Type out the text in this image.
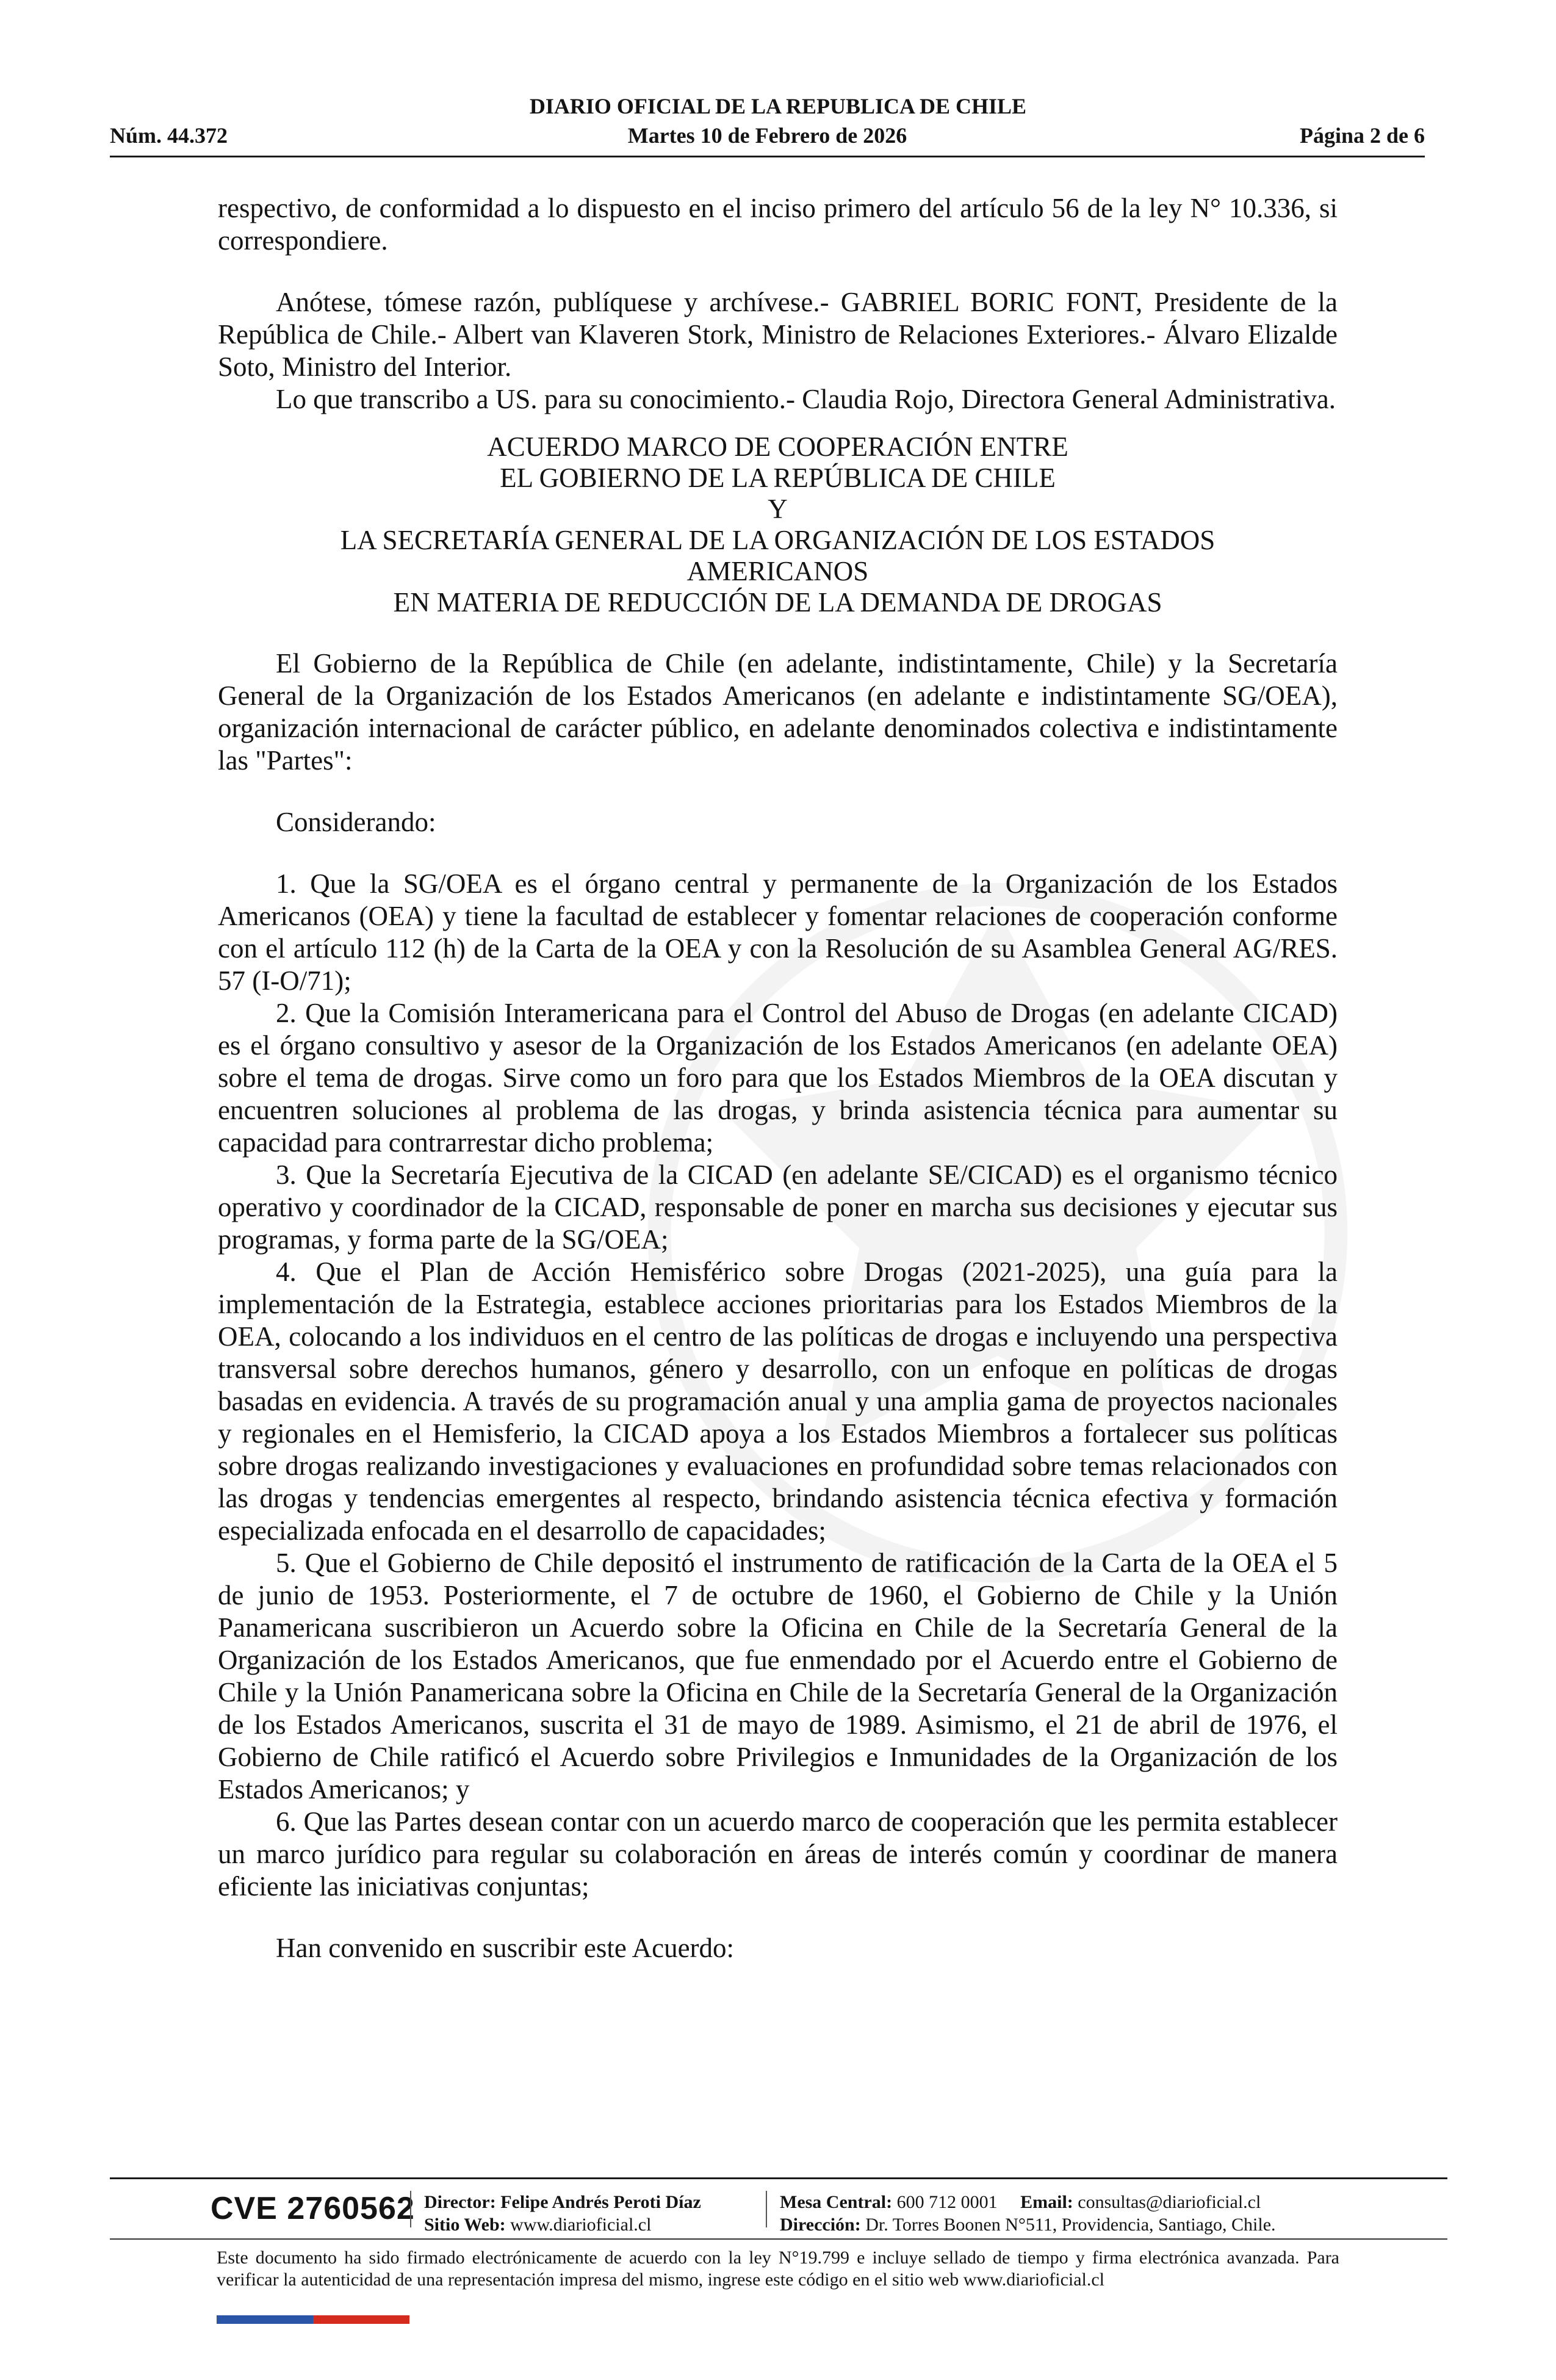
DIARIO OFICIAL DE LA REPUBLICA DE CHILE
Núm. 44.372	Martes 10 de Febrero de 2026	Página 2 de 6

respectivo, de conformidad a lo dispuesto en el inciso primero del artículo 56 de la ley N° 10.336, si correspondiere.

Anótese, tómese razón, publíquese y archívese.- GABRIEL BORIC FONT, Presidente de la República de Chile.- Albert van Klaveren Stork, Ministro de Relaciones Exteriores.- Álvaro Elizalde Soto, Ministro del Interior.

Lo que transcribo a US. para su conocimiento.- Claudia Rojo, Directora General Administrativa.

ACUERDO MARCO DE COOPERACIÓN ENTRE
EL GOBIERNO DE LA REPÚBLICA DE CHILE
Y
LA SECRETARÍA GENERAL DE LA ORGANIZACIÓN DE LOS ESTADOS
AMERICANOS
EN MATERIA DE REDUCCIÓN DE LA DEMANDA DE DROGAS

El Gobierno de la República de Chile (en adelante, indistintamente, Chile) y la Secretaría General de la Organización de los Estados Americanos (en adelante e indistintamente SG/OEA), organización internacional de carácter público, en adelante denominados colectiva e indistintamente las "Partes":

Considerando:

1. Que la SG/OEA es el órgano central y permanente de la Organización de los Estados Americanos (OEA) y tiene la facultad de establecer y fomentar relaciones de cooperación conforme con el artículo 112 (h) de la Carta de la OEA y con la Resolución de su Asamblea General AG/RES. 57 (I-O/71);

2. Que la Comisión Interamericana para el Control del Abuso de Drogas (en adelante CICAD) es el órgano consultivo y asesor de la Organización de los Estados Americanos (en adelante OEA) sobre el tema de drogas. Sirve como un foro para que los Estados Miembros de la OEA discutan y encuentren soluciones al problema de las drogas, y brinda asistencia técnica para aumentar su capacidad para contrarrestar dicho problema;

3. Que la Secretaría Ejecutiva de la CICAD (en adelante SE/CICAD) es el organismo técnico operativo y coordinador de la CICAD, responsable de poner en marcha sus decisiones y ejecutar sus programas, y forma parte de la SG/OEA;

4. Que el Plan de Acción Hemisférico sobre Drogas (2021-2025), una guía para la implementación de la Estrategia, establece acciones prioritarias para los Estados Miembros de la OEA, colocando a los individuos en el centro de las políticas de drogas e incluyendo una perspectiva transversal sobre derechos humanos, género y desarrollo, con un enfoque en políticas de drogas basadas en evidencia. A través de su programación anual y una amplia gama de proyectos nacionales y regionales en el Hemisferio, la CICAD apoya a los Estados Miembros a fortalecer sus políticas sobre drogas realizando investigaciones y evaluaciones en profundidad sobre temas relacionados con las drogas y tendencias emergentes al respecto, brindando asistencia técnica efectiva y formación especializada enfocada en el desarrollo de capacidades;

5. Que el Gobierno de Chile depositó el instrumento de ratificación de la Carta de la OEA el 5 de junio de 1953. Posteriormente, el 7 de octubre de 1960, el Gobierno de Chile y la Unión Panamericana suscribieron un Acuerdo sobre la Oficina en Chile de la Secretaría General de la Organización de los Estados Americanos, que fue enmendado por el Acuerdo entre el Gobierno de Chile y la Unión Panamericana sobre la Oficina en Chile de la Secretaría General de la Organización de los Estados Americanos, suscrita el 31 de mayo de 1989. Asimismo, el 21 de abril de 1976, el Gobierno de Chile ratificó el Acuerdo sobre Privilegios e Inmunidades de la Organización de los Estados Americanos; y

6. Que las Partes desean contar con un acuerdo marco de cooperación que les permita establecer un marco jurídico para regular su colaboración en áreas de interés común y coordinar de manera eficiente las iniciativas conjuntas;

Han convenido en suscribir este Acuerdo:

CVE 2760562 Director: Felipe Andrés Peroti Díaz
Sitio Web: www.diarioficial.cl
Mesa Central: 600 712 0001 Email: consultas@diarioficial.cl
Dirección: Dr. Torres Boonen N°511, Providencia, Santiago, Chile.
Este documento ha sido firmado electrónicamente de acuerdo con la ley N°19.799 e incluye sellado de tiempo y firma electrónica avanzada. Para verificar la autenticidad de una representación impresa del mismo, ingrese este código en el sitio web www.diarioficial.cl
